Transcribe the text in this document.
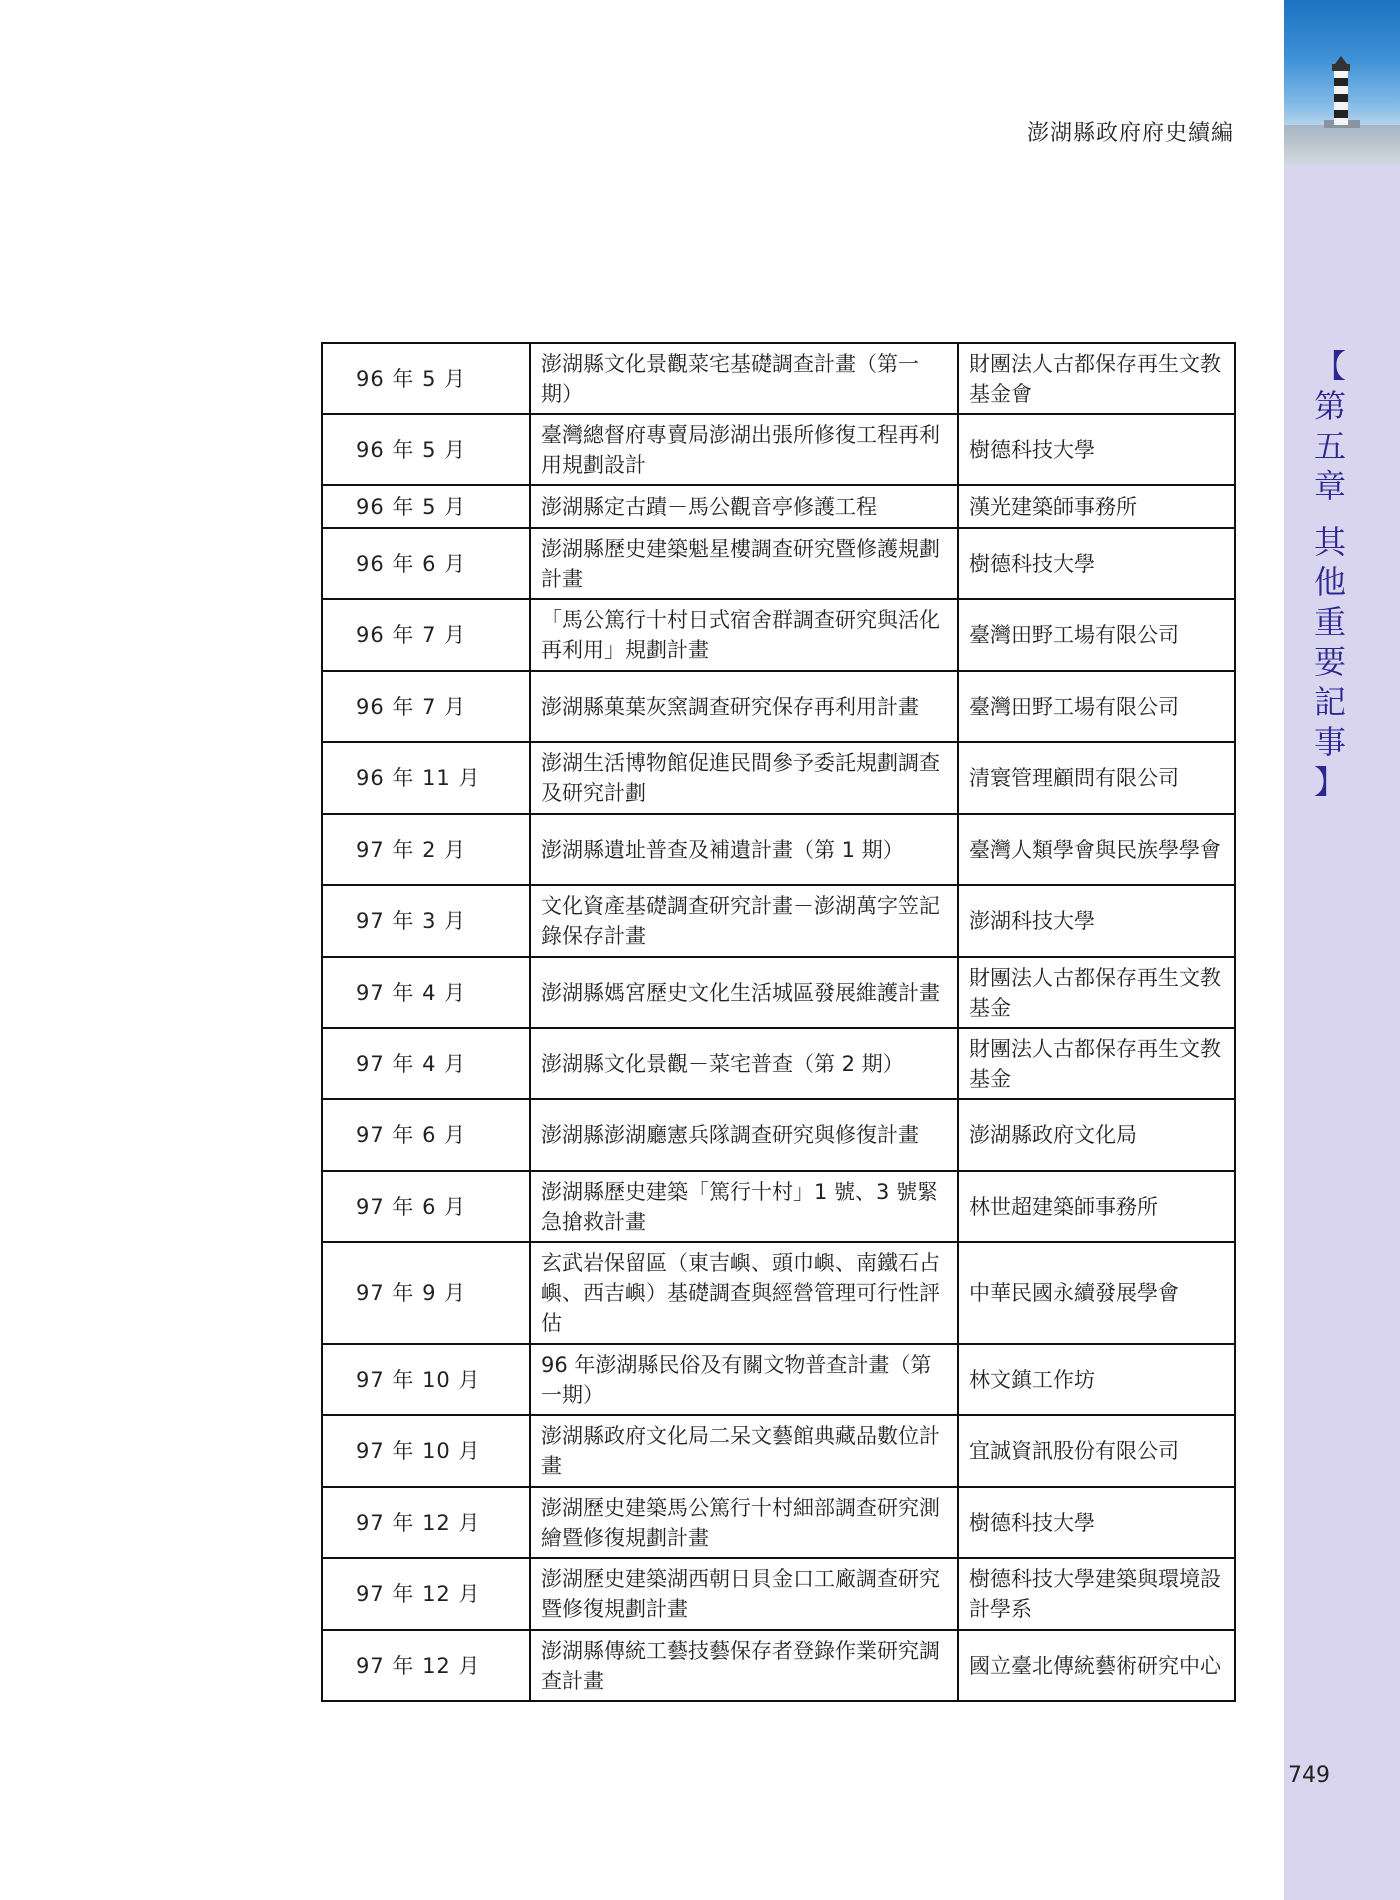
澎湖縣政府府史續編
【
第
五
章
其
他
重
要
記
事
】
96 年 5 月	澎湖縣文化景觀菜宅基礎調查計畫（第一期）	財團法人古都保存再生文教基金會
96 年 5 月	臺灣總督府專賣局澎湖出張所修復工程再利用規劃設計	樹德科技大學
96 年 5 月	澎湖縣定古蹟－馬公觀音亭修護工程	漢光建築師事務所
96 年 6 月	澎湖縣歷史建築魁星樓調查研究暨修護規劃計畫	樹德科技大學
96 年 7 月	「馬公篤行十村日式宿舍群調查研究與活化再利用」規劃計畫	臺灣田野工場有限公司
96 年 7 月	澎湖縣菓葉灰窯調查研究保存再利用計畫	臺灣田野工場有限公司
96 年 11 月	澎湖生活博物館促進民間參予委託規劃調查及研究計劃	清寰管理顧問有限公司
97 年 2 月	澎湖縣遺址普查及補遺計畫（第 1 期）	臺灣人類學會與民族學學會
97 年 3 月	文化資產基礎調查研究計畫－澎湖萬字笠記錄保存計畫	澎湖科技大學
97 年 4 月	澎湖縣媽宮歷史文化生活城區發展維護計畫	財團法人古都保存再生文教基金
97 年 4 月	澎湖縣文化景觀－菜宅普查（第 2 期）	財團法人古都保存再生文教基金
97 年 6 月	澎湖縣澎湖廳憲兵隊調查研究與修復計畫	澎湖縣政府文化局
97 年 6 月	澎湖縣歷史建築「篤行十村」1 號、3 號緊急搶救計畫	林世超建築師事務所
97 年 9 月	玄武岩保留區（東吉嶼、頭巾嶼、南鐵石占嶼、西吉嶼）基礎調查與經營管理可行性評估	中華民國永續發展學會
97 年 10 月	96 年澎湖縣民俗及有關文物普查計畫（第一期）	林文鎮工作坊
97 年 10 月	澎湖縣政府文化局二呆文藝館典藏品數位計畫	宜誠資訊股份有限公司
97 年 12 月	澎湖歷史建築馬公篤行十村細部調查研究測繪暨修復規劃計畫	樹德科技大學
97 年 12 月	澎湖歷史建築湖西朝日貝金口工廠調查研究暨修復規劃計畫	樹德科技大學建築與環境設計學系
97 年 12 月	澎湖縣傳統工藝技藝保存者登錄作業研究調查計畫	國立臺北傳統藝術研究中心
749
